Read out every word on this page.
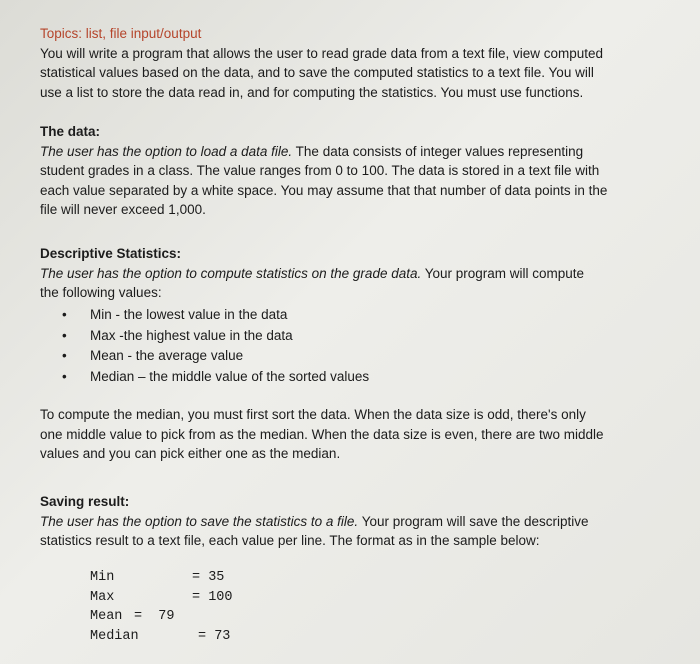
Topics: list, file input/output
You will write a program that allows the user to read grade data from a text file, view computed
statistical values based on the data, and to save the computed statistics to a text file. You will
use a list to store the data read in, and for computing the statistics. You must use functions.

The data:
The user has the option to load a data file. The data consists of integer values representing
student grades in a class. The value ranges from 0 to 100. The data is stored in a text file with
each value separated by a white space. You may assume that that number of data points in the
file will never exceed 1,000.

Descriptive Statistics:
The user has the option to compute statistics on the grade data. Your program will compute
the following values:

• Min - the lowest value in the data
• Max -the highest value in the data
• Mean - the average value
• Median – the middle value of the sorted values

To compute the median, you must first sort the data. When the data size is odd, there's only
one middle value to pick from as the median. When the data size is even, there are two middle
values and you can pick either one as the median.

Saving result:
The user has the option to save the statistics to a file. Your program will save the descriptive
statistics result to a text file, each value per line. The format as in the sample below:

Min	= 35
Max	= 100
Mean =  79
Median	= 73
